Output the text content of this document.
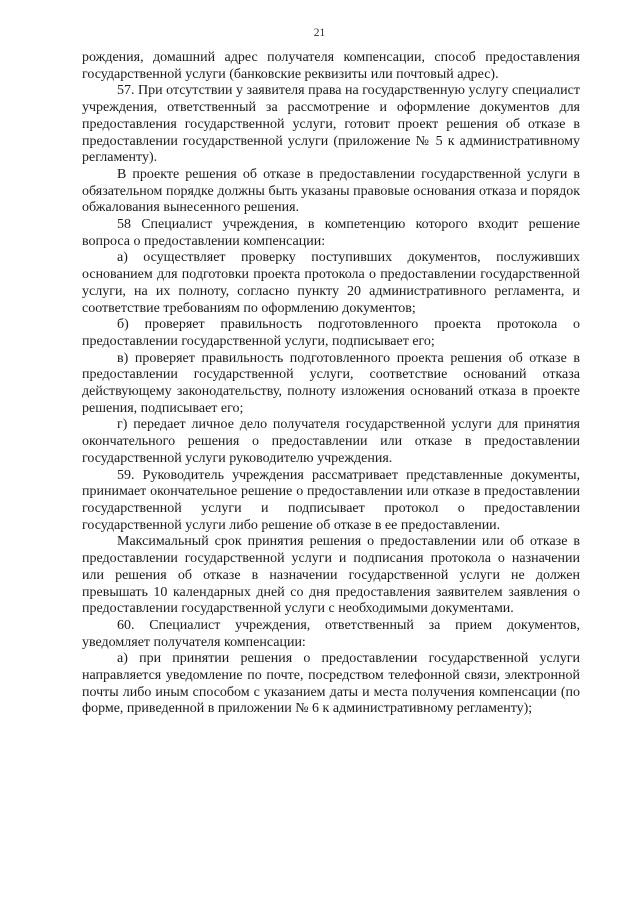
21

рождения, домашний адрес получателя компенсации, способ предоставления государственной услуги (банковские реквизиты или почтовый адрес).

57. При отсутствии у заявителя права на государственную услугу специалист учреждения, ответственный за рассмотрение и оформление документов для предоставления государственной услуги, готовит проект решения об отказе в предоставлении государственной услуги (приложение № 5 к административному регламенту).

В проекте решения об отказе в предоставлении государственной услуги в обязательном порядке должны быть указаны правовые основания отказа и порядок обжалования вынесенного решения.

58 Специалист учреждения, в компетенцию которого входит решение вопроса о предоставлении компенсации:

а) осуществляет проверку поступивших документов, послуживших основанием для подготовки проекта протокола о предоставлении государственной услуги, на их полноту, согласно пункту 20 административного регламента, и соответствие требованиям по оформлению документов;

б) проверяет правильность подготовленного проекта протокола о предоставлении государственной услуги, подписывает его;

в) проверяет правильность подготовленного проекта решения об отказе в предоставлении государственной услуги, соответствие оснований отказа действующему законодательству, полноту изложения оснований отказа в проекте решения, подписывает его;

г) передает личное дело получателя государственной услуги для принятия окончательного решения о предоставлении или отказе в предоставлении государственной услуги руководителю учреждения.

59. Руководитель учреждения рассматривает представленные документы, принимает окончательное решение о предоставлении или отказе в предоставлении государственной услуги и подписывает протокол о предоставлении государственной услуги либо решение об отказе в ее предоставлении.

Максимальный срок принятия решения о предоставлении или об отказе в предоставлении государственной услуги и подписания протокола о назначении или решения об отказе в назначении государственной услуги не должен превышать 10 календарных дней со дня предоставления заявителем заявления о предоставлении государственной услуги с необходимыми документами.

60. Специалист учреждения, ответственный за прием документов, уведомляет получателя компенсации:

а) при принятии решения о предоставлении государственной услуги направляется уведомление по почте, посредством телефонной связи, электронной почты либо иным способом с указанием даты и места получения компенсации (по форме, приведенной в приложении № 6 к административному регламенту);
